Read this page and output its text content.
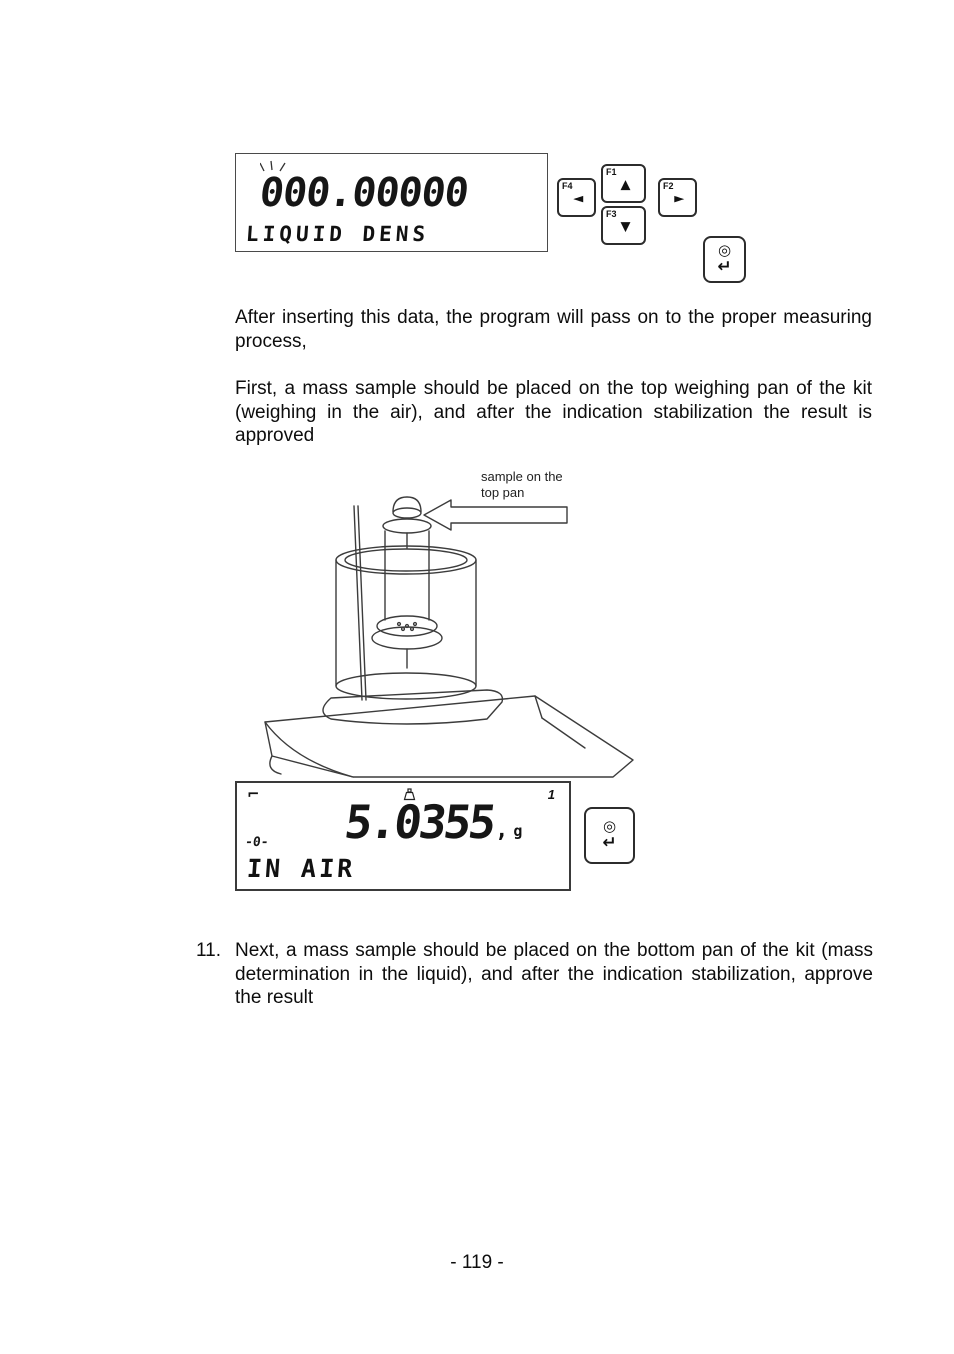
000.00000
LIQUID DENS
F4
◄
F1
▲
F3
▼
F2
►
◎
↵

After inserting this data, the program will pass on to the proper measuring process,

First, a mass sample should be placed on the top weighing pan of the kit (weighing in the air), and after the indication stabilization the result is approved

sample on the
top pan
⌐
-0-
1
5.0355
, g
IN AIR
◎
↵
11. Next, a mass sample should be placed on the bottom pan of the kit (mass determination in the liquid), and after the indication stabilization, approve the result
- 119 -
